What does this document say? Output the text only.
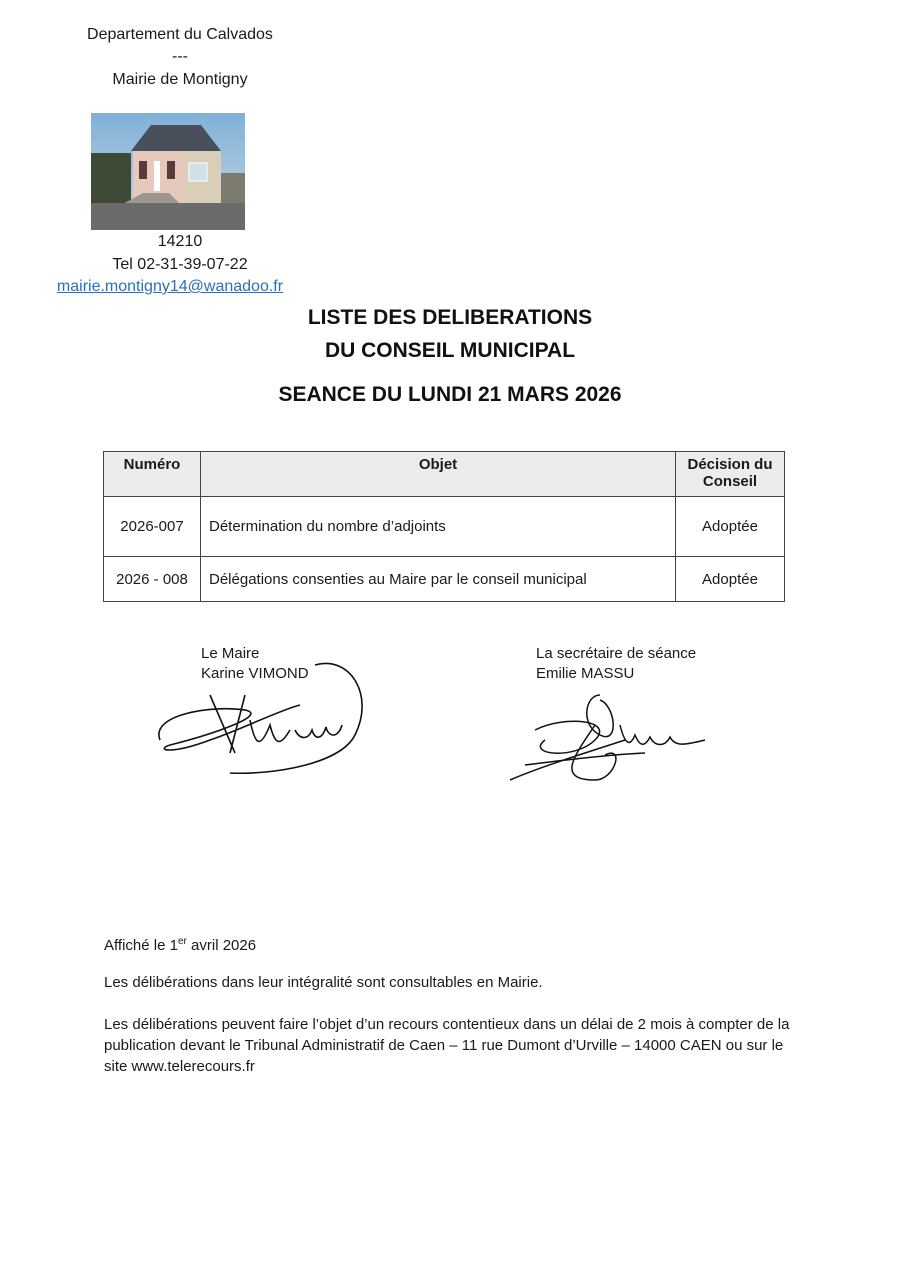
Departement du Calvados
---
Mairie de Montigny
14210
Tel 02-31-39-07-22
mairie.montigny14@wanadoo.fr
LISTE DES DELIBERATIONS
DU CONSEIL MUNICIPAL
SEANCE DU LUNDI 21 MARS 2026
Numéro	Objet	Décision du Conseil
2026-007	Détermination du nombre d’adjoints	Adoptée
2026 - 008	Délégations consenties au Maire par le conseil municipal	Adoptée
Le Maire
Karine VIMOND
La secrétaire de séance
Emilie MASSU
Affiché le 1er avril 2026
Les délibérations dans leur intégralité sont consultables en Mairie.
Les délibérations peuvent faire l’objet d’un recours contentieux dans un délai de 2 mois à compter de la publication devant le Tribunal Administratif de Caen – 11 rue Dumont d’Urville – 14000 CAEN ou sur le site www.telerecours.fr
